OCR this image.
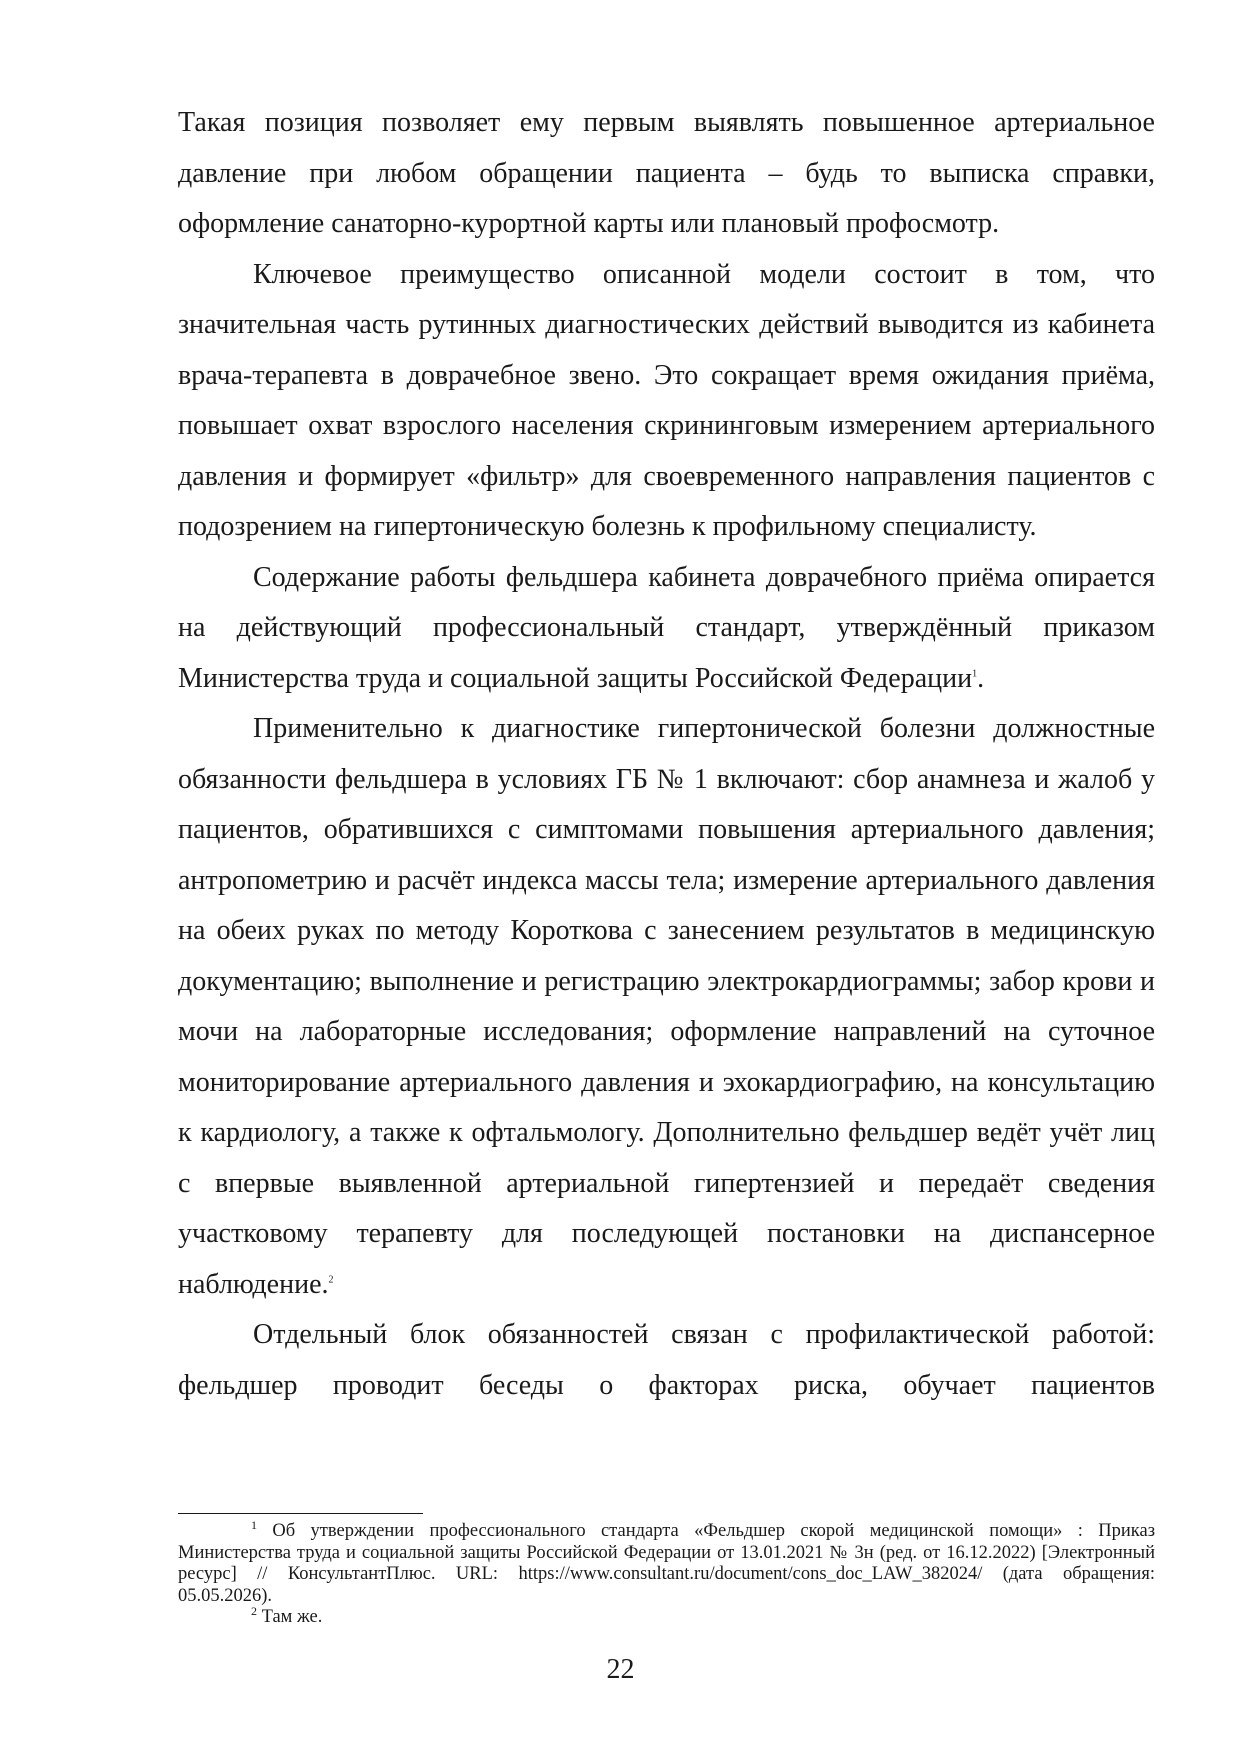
Такая позиция позволяет ему первым выявлять повышенное артериальное давление при любом обращении пациента – будь то выписка справки, оформление санаторно-курортной карты или плановый профосмотр.

Ключевое преимущество описанной модели состоит в том, что значительная часть рутинных диагностических действий выводится из кабинета врача-терапевта в доврачебное звено. Это сокращает время ожидания приёма, повышает охват взрослого населения скрининговым измерением артериального давления и формирует «фильтр» для своевременного направления пациентов с подозрением на гипертоническую болезнь к профильному специалисту.

Содержание работы фельдшера кабинета доврачебного приёма опирается на действующий профессиональный стандарт, утверждённый приказом Министерства труда и социальной защиты Российской Федерации$^1$.

Применительно к диагностике гипертонической болезни должностные обязанности фельдшера в условиях ГБ № 1 включают: сбор анамнеза и жалоб у пациентов, обратившихся с симптомами повышения артериального давления; антропометрию и расчёт индекса массы тела; измерение артериального давления на обеих руках по методу Короткова с занесением результатов в медицинскую документацию; выполнение и регистрацию электрокардиограммы; забор крови и мочи на лабораторные исследования; оформление направлений на суточное мониторирование артериального давления и эхокардиографию, на консультацию к кардиологу, а также к офтальмологу. Дополнительно фельдшер ведёт учёт лиц с впервые выявленной артериальной гипертензией и передаёт сведения участковому терапевту для последующей постановки на диспансерное наблюдение.$^2$

Отдельный блок обязанностей связан с профилактической работой: фельдшер проводит беседы о факторах риска, обучает пациентов

$^1$ Об утверждении профессионального стандарта «Фельдшер скорой медицинской помощи» : Приказ Министерства труда и социальной защиты Российской Федерации от 13.01.2021 № 3н (ред. от 16.12.2022) [Электронный ресурс] // КонсультантПлюс. URL: https://www.consultant.ru/document/cons_doc_LAW_382024/ (дата обращения: 05.05.2026).

$^2$ Там же.

22
